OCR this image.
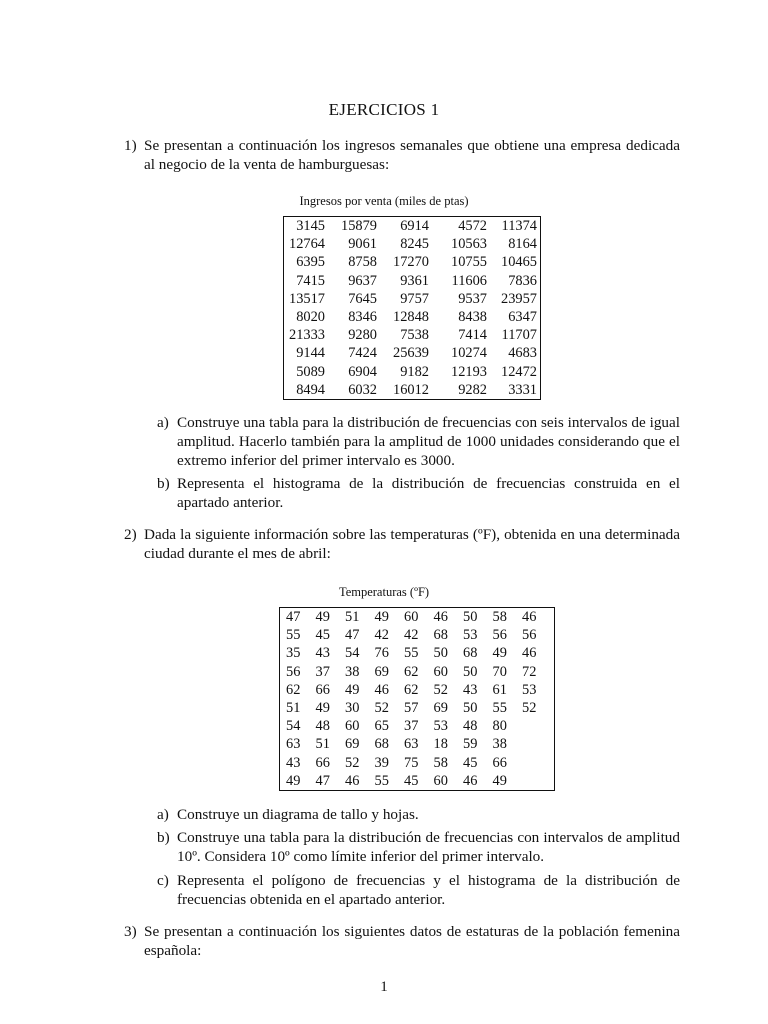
EJERCICIOS 1
1) Se presentan a continuación los ingresos semanales que obtiene una empresa dedicada al negocio de la venta de hamburguesas:
Ingresos por venta (miles de ptas)
3145	15879	6914	4572	11374
12764	9061	8245	10563	8164
6395	8758	17270	10755	10465
7415	9637	9361	11606	7836
13517	7645	9757	9537	23957
8020	8346	12848	8438	6347
21333	9280	7538	7414	11707
9144	7424	25639	10274	4683
5089	6904	9182	12193	12472
8494	6032	16012	9282	3331
a) Construye una tabla para la distribución de frecuencias con seis intervalos de igual amplitud. Hacerlo también para la amplitud de 1000 unidades considerando que el extremo inferior del primer intervalo es 3000.
b) Representa el histograma de la distribución de frecuencias construida en el apartado anterior.
2) Dada la siguiente información sobre las temperaturas (ºF), obtenida en una determinada ciudad durante el mes de abril:
Temperaturas (ºF)
47	49	51	49	60	46	50	58	46
55	45	47	42	42	68	53	56	56
35	43	54	76	55	50	68	49	46
56	37	38	69	62	60	50	70	72
62	66	49	46	62	52	43	61	53
51	49	30	52	57	69	50	55	52
54	48	60	65	37	53	48	80	
63	51	69	68	63	18	59	38	
43	66	52	39	75	58	45	66	
49	47	46	55	45	60	46	49	
a) Construye un diagrama de tallo y hojas.
b) Construye una tabla para la distribución de frecuencias con intervalos de amplitud 10º. Considera 10º como límite inferior del primer intervalo.
c) Representa el polígono de frecuencias y el histograma de la distribución de frecuencias obtenida en el apartado anterior.
3) Se presentan a continuación los siguientes datos de estaturas de la población femenina española:
1
